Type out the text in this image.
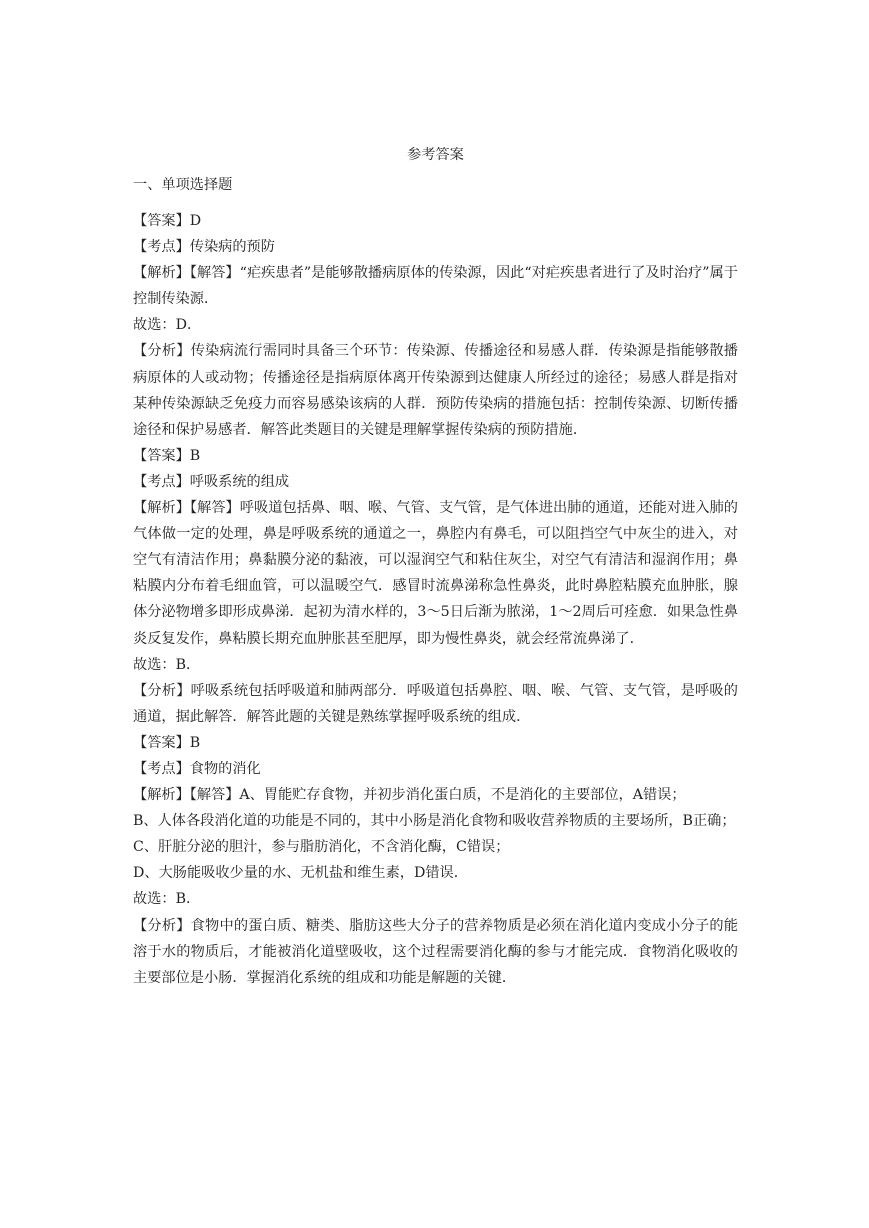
参考答案

一、单项选择题

【答案】D

【考点】传染病的预防

【解析】【解答】“疟疾患者”是能够散播病原体的传染源，因此“对疟疾患者进行了及时治疗”属于控制传染源．

故选：D．

【分析】传染病流行需同时具备三个环节：传染源、传播途径和易感人群．传染源是指能够散播病原体的人或动物；传播途径是指病原体离开传染源到达健康人所经过的途径；易感人群是指对某种传染源缺乏免疫力而容易感染该病的人群．预防传染病的措施包括：控制传染源、切断传播途径和保护易感者．解答此类题目的关键是理解掌握传染病的预防措施．

【答案】B

【考点】呼吸系统的组成

【解析】【解答】呼吸道包括鼻、咽、喉、气管、支气管，是气体进出肺的通道，还能对进入肺的气体做一定的处理，鼻是呼吸系统的通道之一，鼻腔内有鼻毛，可以阻挡空气中灰尘的进入，对空气有清洁作用；鼻黏膜分泌的黏液，可以湿润空气和粘住灰尘，对空气有清洁和湿润作用；鼻粘膜内分布着毛细血管，可以温暖空气．感冒时流鼻涕称急性鼻炎，此时鼻腔粘膜充血肿胀，腺体分泌物增多即形成鼻涕．起初为清水样的，3～5日后渐为脓涕，1～2周后可痊愈．如果急性鼻炎反复发作，鼻粘膜长期充血肿胀甚至肥厚，即为慢性鼻炎，就会经常流鼻涕了．

故选：B．

【分析】呼吸系统包括呼吸道和肺两部分．呼吸道包括鼻腔、咽、喉、气管、支气管，是呼吸的通道，据此解答．解答此题的关键是熟练掌握呼吸系统的组成．

【答案】B

【考点】食物的消化

【解析】【解答】A、胃能贮存食物，并初步消化蛋白质，不是消化的主要部位，A错误；

B、人体各段消化道的功能是不同的，其中小肠是消化食物和吸收营养物质的主要场所，B正确；

C、肝脏分泌的胆汁，参与脂肪消化，不含消化酶，C错误；

D、大肠能吸收少量的水、无机盐和维生素，D错误．

故选：B．

【分析】食物中的蛋白质、糖类、脂肪这些大分子的营养物质是必须在消化道内变成小分子的能溶于水的物质后，才能被消化道壁吸收，这个过程需要消化酶的参与才能完成．食物消化吸收的主要部位是小肠．掌握消化系统的组成和功能是解题的关键．
